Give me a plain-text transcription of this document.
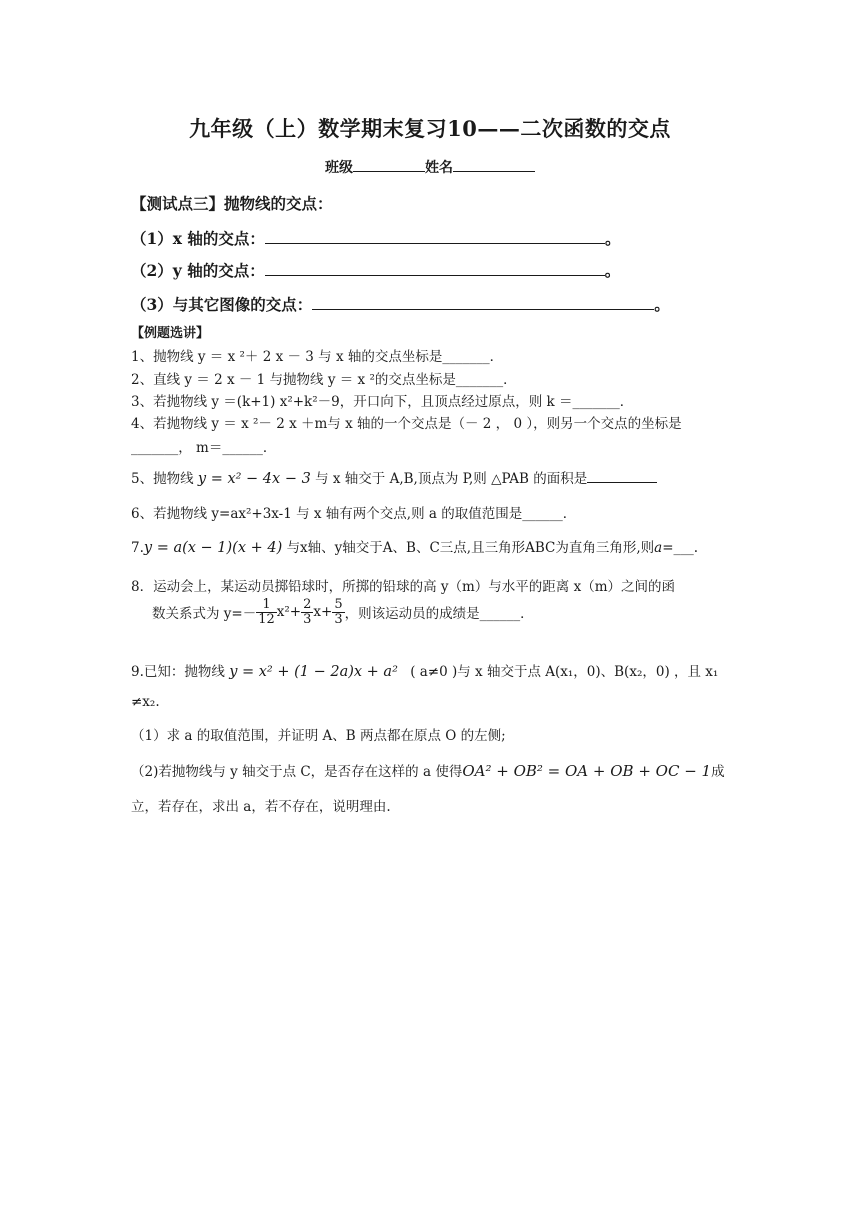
九年级（上）数学期末复习10——二次函数的交点
班级	姓名
【测试点三】抛物线的交点：
（1）x 轴的交点：	。
（2）y 轴的交点：	。
（3）与其它图像的交点：	。
【例题选讲】
1、抛物线 y ＝ x ²＋ 2 x － 3 与 x 轴的交点坐标是_______．
2、直线 y ＝ 2 x － 1 与抛物线 y ＝ x ²的交点坐标是_______．
3、若抛物线 y ＝(k+1) x²+k²－9，开口向下，且顶点经过原点，则 k ＝_______．
4、若抛物线 y ＝ x ²－ 2 x ＋m与 x 轴的一个交点是（－ 2 ， 0 ），则另一个交点的坐标是
_______， m＝______．
5、抛物线 y = x² − 4x − 3 与 x 轴交于 A,B,顶点为 P,则 △PAB 的面积是
6、若抛物线 y=ax²+3x-1 与 x 轴有两个交点,则 a 的取值范围是______．
7.y = a(x − 1)(x + 4) 与x轴、y轴交于A、B、C三点,且三角形ABC为直角三角形,则a=___.
8．运动会上，某运动员掷铅球时，所掷的铅球的高 y（m）与水平的距离 x（m）之间的函
数关系式为 $y=- \frac{1}{12} x^2+ \frac{2}{3} x+ \frac{5}{3}$ ，则该运动员的成绩是______．
9.已知：抛物线 y = x² + (1 − 2a)x + a² ( a≠0 )与 x 轴交于点 A(x₁，0)、B(x₂，0) ，且 x₁
≠x₂.
（1）求 a 的取值范围，并证明 A、B 两点都在原点 O 的左侧;
（2)若抛物线与 y 轴交于点 C，是否存在这样的 a 使得OA² + OB² = OA + OB + OC − 1成
立，若存在，求出 a，若不存在，说明理由.
